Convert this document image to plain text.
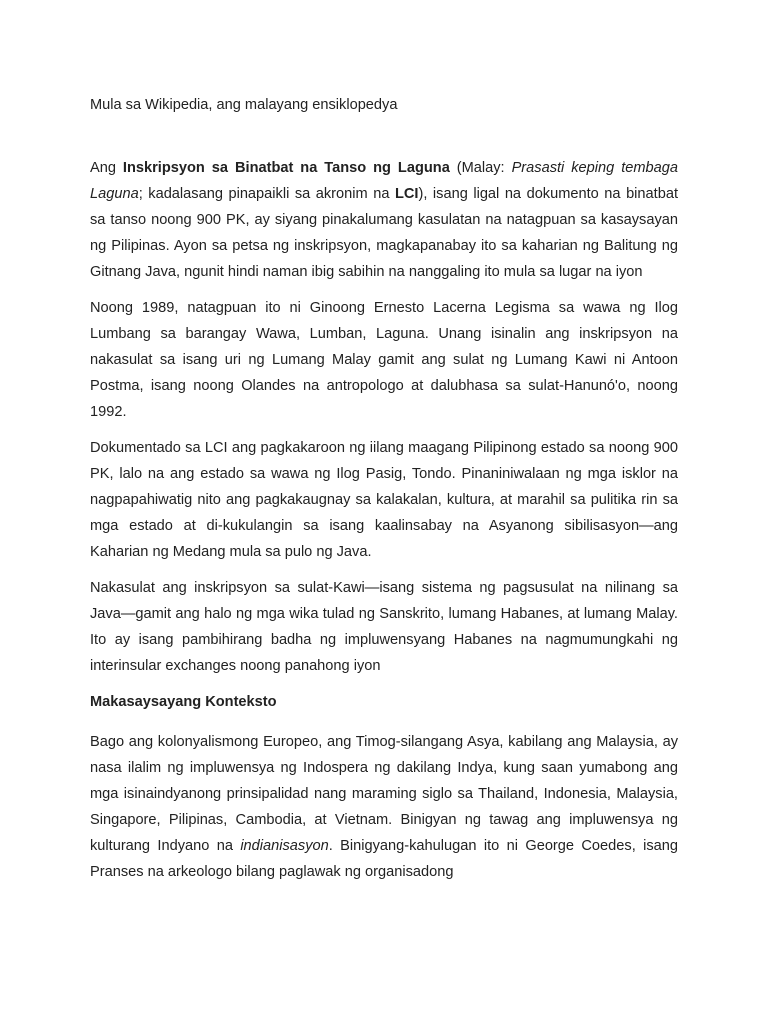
Mula sa Wikipedia, ang malayang ensiklopedya

Ang Inskripsyon sa Binatbat na Tanso ng Laguna (Malay: Prasasti keping tembaga Laguna; kadalasang pinapaikli sa akronim na LCI), isang ligal na dokumento na binatbat sa tanso noong 900 PK, ay siyang pinakalumang kasulatan na natagpuan sa kasaysayan ng Pilipinas. Ayon sa petsa ng inskripsyon, magkapanabay ito sa kaharian ng Balitung ng Gitnang Java, ngunit hindi naman ibig sabihin na nanggaling ito mula sa lugar na iyon

Noong 1989, natagpuan ito ni Ginoong Ernesto Lacerna Legisma sa wawa ng Ilog Lumbang sa barangay Wawa, Lumban, Laguna. Unang isinalin ang inskripsyon na nakasulat sa isang uri ng Lumang Malay gamit ang sulat ng Lumang Kawi ni Antoon Postma, isang noong Olandes na antropologo at dalubhasa sa sulat-Hanunó'o, noong 1992.

Dokumentado sa LCI ang pagkakaroon ng iilang maagang Pilipinong estado sa noong 900 PK, lalo na ang estado sa wawa ng Ilog Pasig, Tondo. Pinaniniwalaan ng mga isklor na nagpapahiwatig nito ang pagkakaugnay sa kalakalan, kultura, at marahil sa pulitika rin sa mga estado at di-kukulangin sa isang kaalinsabay na Asyanong sibilisasyon—ang Kaharian ng Medang mula sa pulo ng Java.

Nakasulat ang inskripsyon sa sulat-Kawi—isang sistema ng pagsusulat na nilinang sa Java—gamit ang halo ng mga wika tulad ng Sanskrito, lumang Habanes, at lumang Malay. Ito ay isang pambihirang badha ng impluwensyang Habanes na nagmumungkahi ng interinsular exchanges noong panahong iyon

Makasaysayang Konteksto

Bago ang kolonyalismong Europeo, ang Timog-silangang Asya, kabilang ang Malaysia, ay nasa ilalim ng impluwensya ng Indospera ng dakilang Indya, kung saan yumabong ang mga isinaindyanong prinsipalidad nang maraming siglo sa Thailand, Indonesia, Malaysia, Singapore, Pilipinas, Cambodia, at Vietnam. Binigyan ng tawag ang impluwensya ng kulturang Indyano na indianisasyon. Binigyang-kahulugan ito ni George Coedes, isang Pranses na arkeologo bilang paglawak ng organisadong
